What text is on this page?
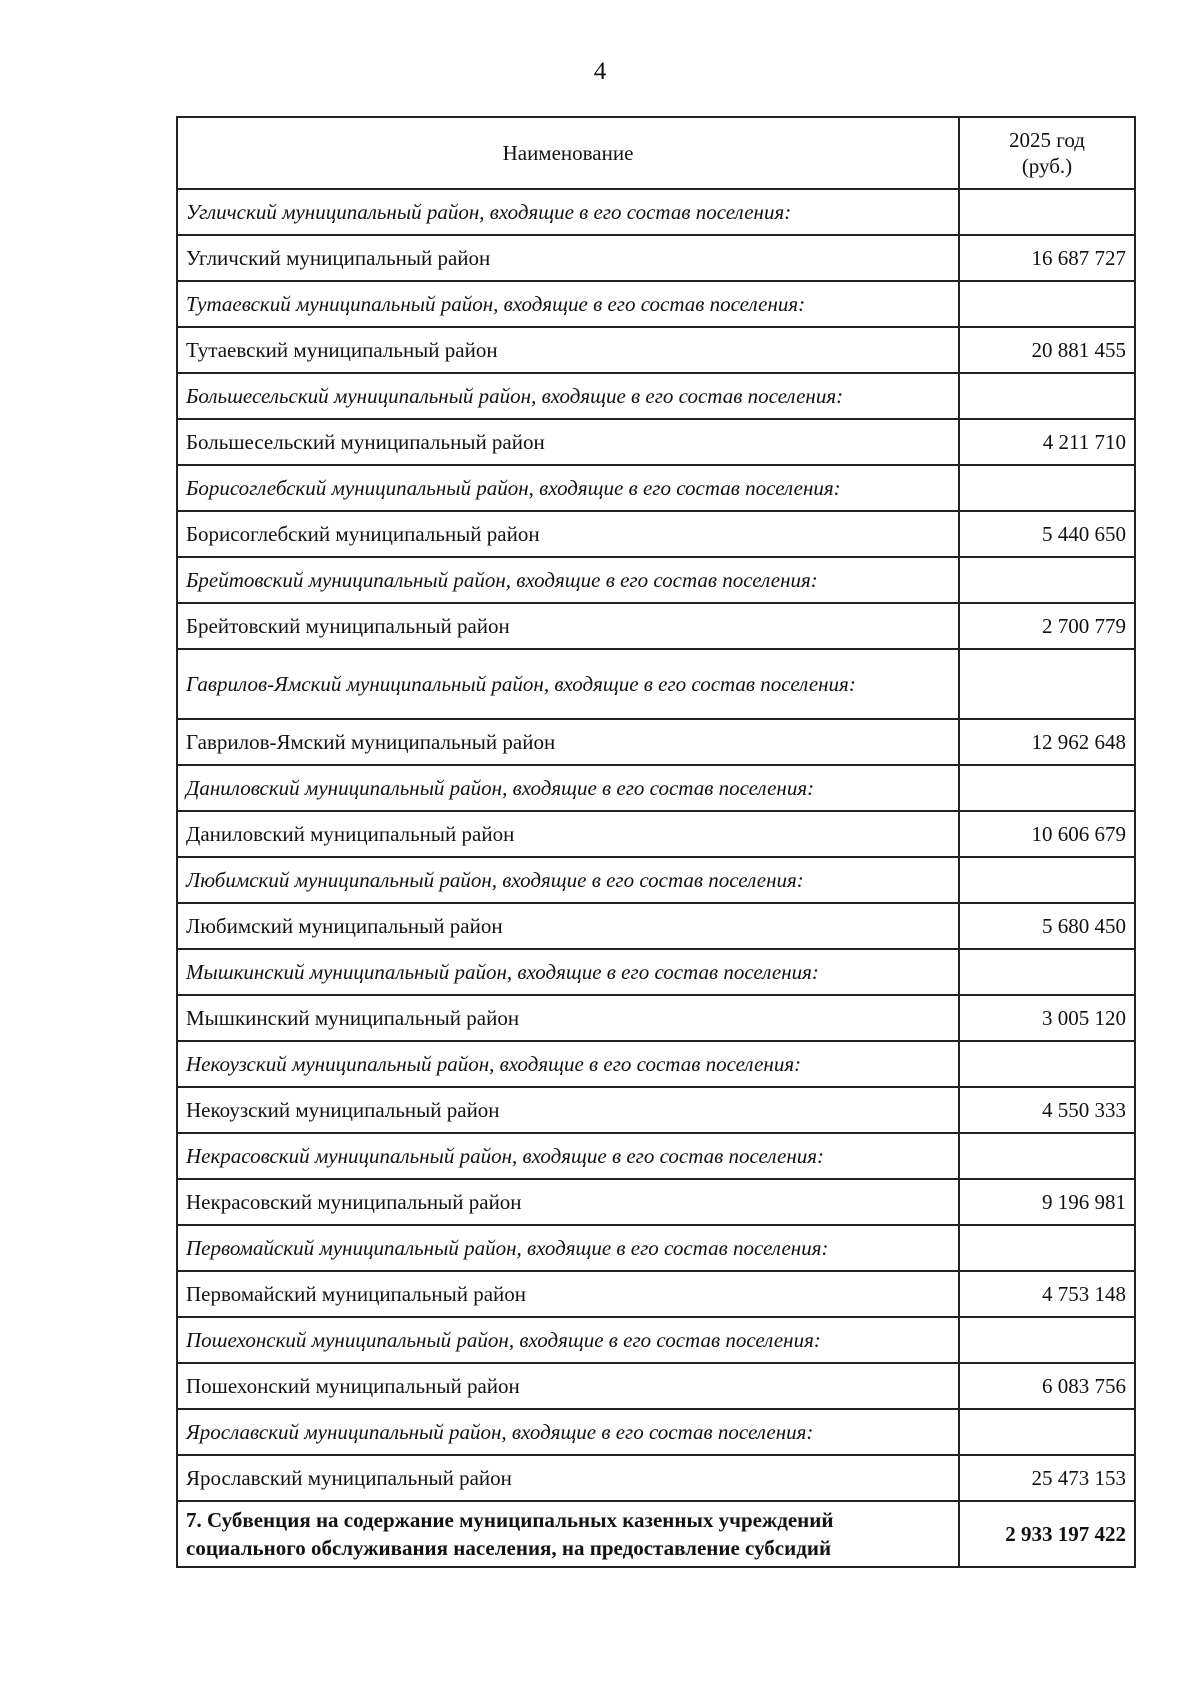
4
Наименование	2025 год
(руб.)
Угличский муниципальный район, входящие в его состав поселения:	
Угличский муниципальный район	16 687 727
Тутаевский муниципальный район, входящие в его состав поселения:	
Тутаевский муниципальный район	20 881 455
Большесельский муниципальный район, входящие в его состав поселения:	
Большесельский муниципальный район	4 211 710
Борисоглебский муниципальный район, входящие в его состав поселения:	
Борисоглебский муниципальный район	5 440 650
Брейтовский муниципальный район, входящие в его состав поселения:	
Брейтовский муниципальный район	2 700 779
Гаврилов-Ямский муниципальный район, входящие в его состав поселения:	
Гаврилов-Ямский муниципальный район	12 962 648
Даниловский муниципальный район, входящие в его состав поселения:	
Даниловский муниципальный район	10 606 679
Любимский муниципальный район, входящие в его состав поселения:	
Любимский муниципальный район	5 680 450
Мышкинский муниципальный район, входящие в его состав поселения:	
Мышкинский муниципальный район	3 005 120
Некоузский муниципальный район, входящие в его состав поселения:	
Некоузский муниципальный район	4 550 333
Некрасовский муниципальный район, входящие в его состав поселения:	
Некрасовский муниципальный район	9 196 981
Первомайский муниципальный район, входящие в его состав поселения:	
Первомайский муниципальный район	4 753 148
Пошехонский муниципальный район, входящие в его состав поселения:	
Пошехонский муниципальный район	6 083 756
Ярославский муниципальный район, входящие в его состав поселения:	
Ярославский муниципальный район	25 473 153
7. Субвенция на содержание муниципальных казенных учреждений социального обслуживания населения, на предоставление субсидий	2 933 197 422
